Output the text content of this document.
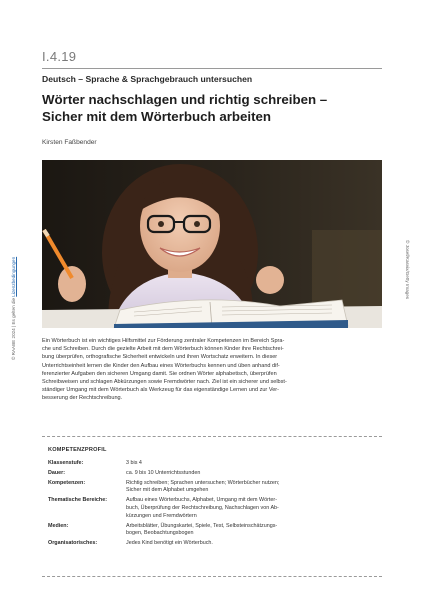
I.4.19
Deutsch – Sprache & Sprachgebrauch untersuchen
Wörter nachschlagen und richtig schreiben –
Sicher mit dem Wörterbuch arbeiten
Kirsten Faßbender
© RAABE 2024 | Es gelten die Lizenzbedingungen	© Josef/Kasvix/Getty Images
Ein Wörterbuch ist ein wichtiges Hilfsmittel zur Förderung zentraler Kompetenzen im Bereich Spra-
che und Schreiben. Durch die gezielte Arbeit mit dem Wörterbuch können Kinder ihre Rechtschrei-
bung überprüfen, orthografische Sicherheit entwickeln und ihren Wortschatz erweitern. In dieser
Unterrichtseinheit lernen die Kinder den Aufbau eines Wörterbuchs kennen und üben anhand dif-
ferenzierter Aufgaben den sicheren Umgang damit. Sie ordnen Wörter alphabetisch, überprüfen
Schreibweisen und schlagen Abkürzungen sowie Fremdwörter nach. Ziel ist ein sicherer und selbst-
ständiger Umgang mit dem Wörterbuch als Werkzeug für das eigenständige Lernen und zur Ver-
besserung der Rechtschreibung.
KOMPETENZPROFIL
Klassenstufe:	3 bis 4
Dauer:	ca. 9 bis 10 Unterrichtsstunden
Kompetenzen:	Richtig schreiben; Sprachen untersuchen; Wörterbücher nutzen;
Sicher mit dem Alphabet umgehen
Thematische Bereiche:	Aufbau eines Wörterbuchs, Alphabet, Umgang mit dem Wörter-
buch, Überprüfung der Rechtschreibung, Nachschlagen von Ab-
kürzungen und Fremdwörtern
Medien:	Arbeitsblätter, Übungskartei, Spiele, Test, Selbsteinschätzungs-
bogen, Beobachtungsbogen
Organisatorisches:	Jedes Kind benötigt ein Wörterbuch.
